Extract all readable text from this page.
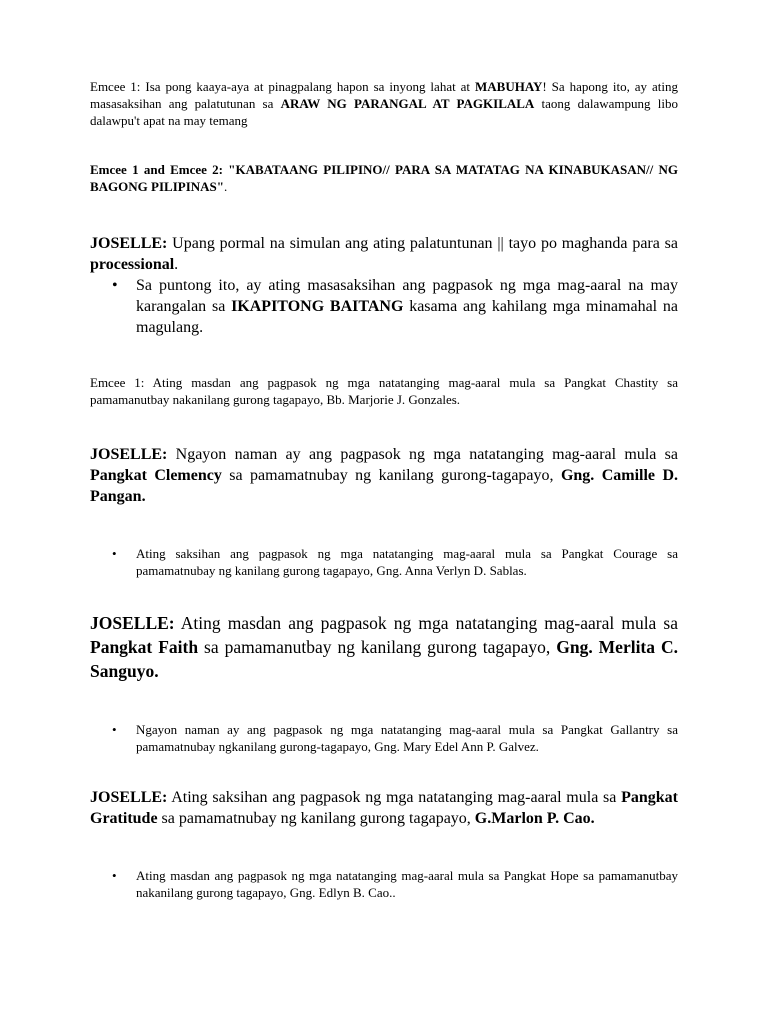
Emcee 1: Isa pong kaaya-aya at pinagpalang hapon sa inyong lahat at MABUHAY! Sa hapong ito, ay ating masasaksihan ang palatutunan sa ARAW NG PARANGAL AT PAGKILALA taong dalawampung libo dalawpu't apat na may temang

Emcee 1 and Emcee 2: "KABATAANG PILIPINO// PARA SA MATATAG NA KINABUKASAN// NG BAGONG PILIPINAS".

JOSELLE: Upang pormal na simulan ang ating palatuntunan || tayo po maghanda para sa processional.

• Sa puntong ito, ay ating masasaksihan ang pagpasok ng mga mag-aaral na may karangalan sa IKAPITONG BAITANG kasama ang kahilang mga minamahal na magulang.

Emcee 1: Ating masdan ang pagpasok ng mga natatanging mag-aaral mula sa Pangkat Chastity sa pamamanutbay nakanilang gurong tagapayo, Bb. Marjorie J. Gonzales.

JOSELLE: Ngayon naman ay ang pagpasok ng mga natatanging mag-aaral mula sa Pangkat Clemency sa pamamatnubay ng kanilang gurong-tagapayo, Gng. Camille D. Pangan.

• Ating saksihan ang pagpasok ng mga natatanging mag-aaral mula sa Pangkat Courage sa pamamatnubay ng kanilang gurong tagapayo, Gng. Anna Verlyn D. Sablas.

JOSELLE: Ating masdan ang pagpasok ng mga natatanging mag-aaral mula sa Pangkat Faith sa pamamanutbay ng kanilang gurong tagapayo, Gng. Merlita C. Sanguyo.

• Ngayon naman ay ang pagpasok ng mga natatanging mag-aaral mula sa Pangkat Gallantry sa pamamatnubay ngkanilang gurong-tagapayo, Gng. Mary Edel Ann P. Galvez.

JOSELLE: Ating saksihan ang pagpasok ng mga natatanging mag-aaral mula sa Pangkat Gratitude sa pamamatnubay ng kanilang gurong tagapayo, G.Marlon P. Cao.

• Ating masdan ang pagpasok ng mga natatanging mag-aaral mula sa Pangkat Hope sa pamamanutbay nakanilang gurong tagapayo, Gng. Edlyn B. Cao..
